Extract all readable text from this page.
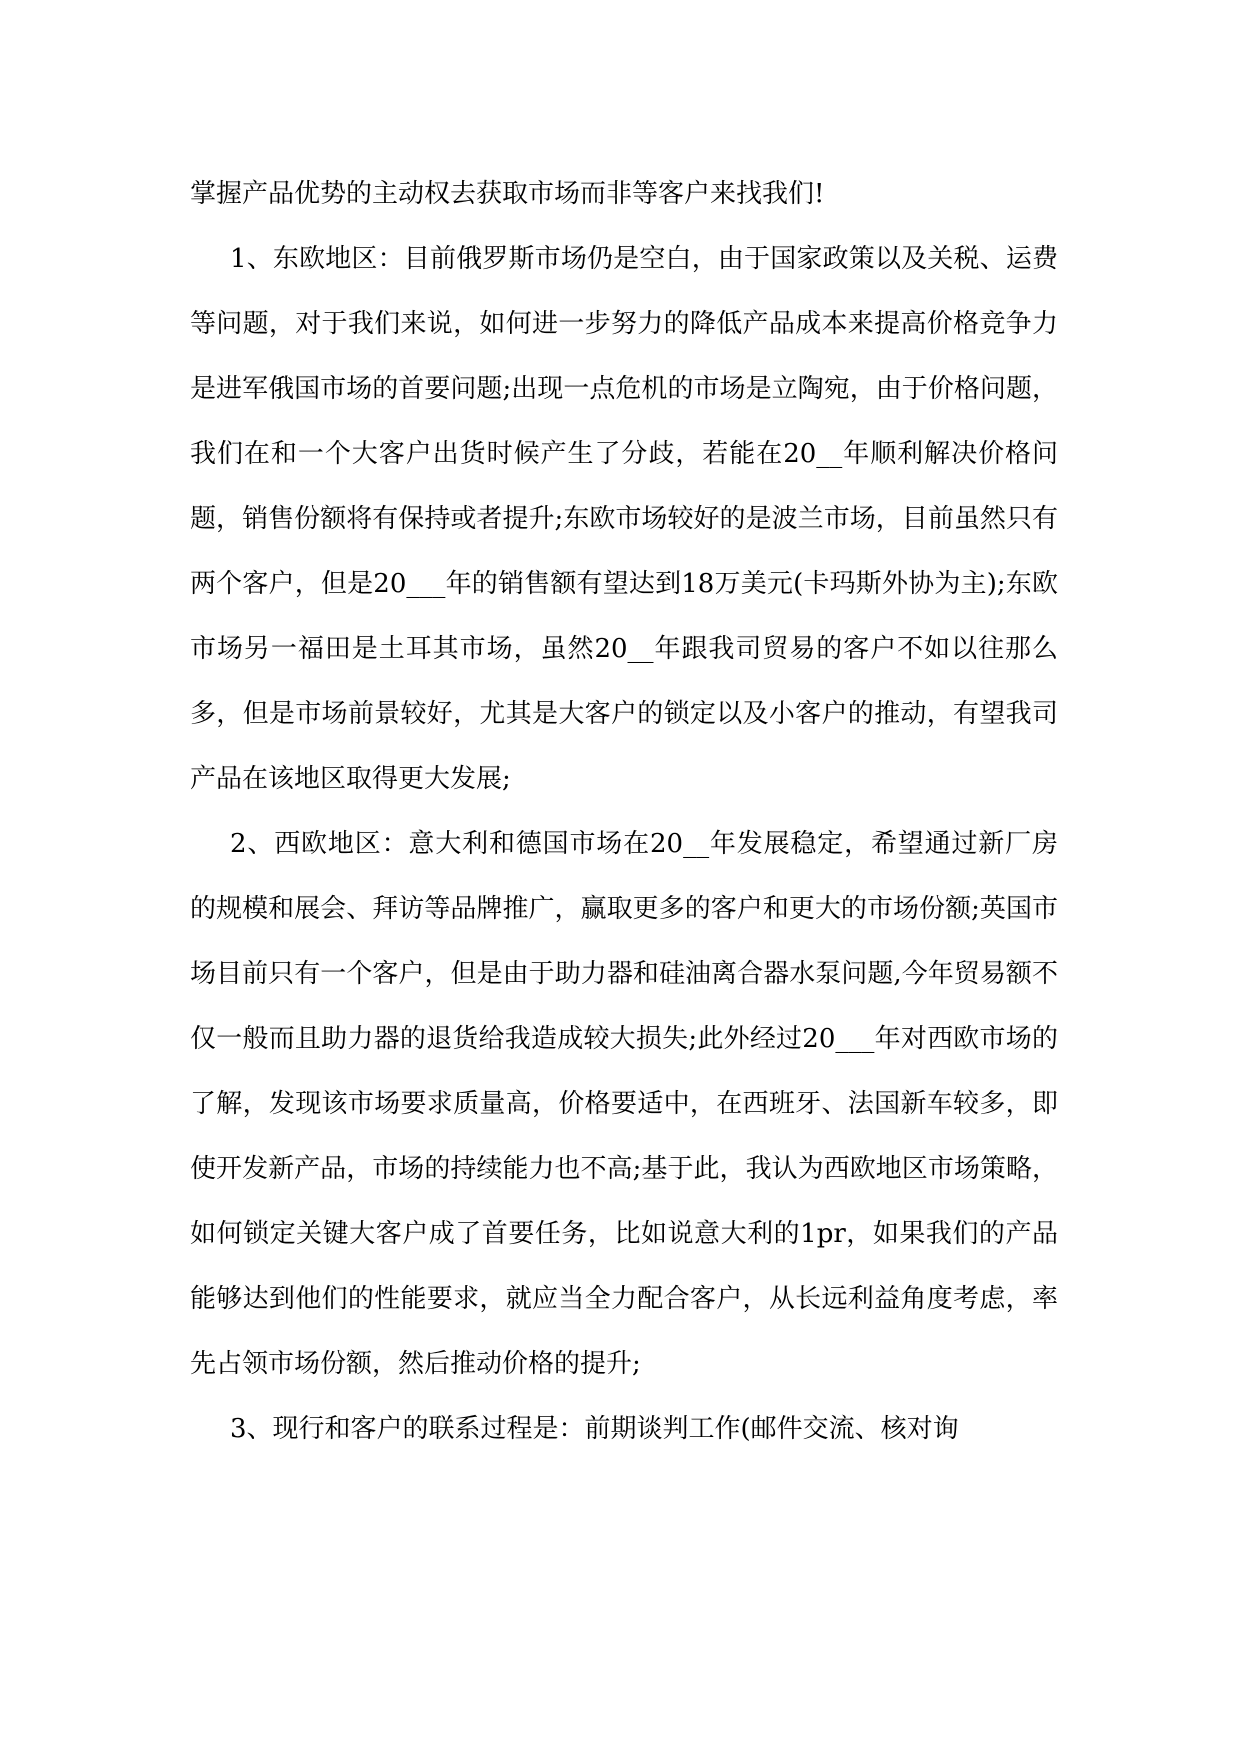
掌握产品优势的主动权去获取市场而非等客户来找我们!

1、东欧地区：目前俄罗斯市场仍是空白，由于国家政策以及关税、运费等问题，对于我们来说，如何进一步努力的降低产品成本来提高价格竞争力是进军俄国市场的首要问题;出现一点危机的市场是立陶宛，由于价格问题，我们在和一个大客户出货时候产生了分歧，若能在20__年顺利解决价格问题，销售份额将有保持或者提升;东欧市场较好的是波兰市场，目前虽然只有两个客户，但是20___年的销售额有望达到18万美元(卡玛斯外协为主);东欧市场另一福田是土耳其市场，虽然20__年跟我司贸易的客户不如以往那么多，但是市场前景较好，尤其是大客户的锁定以及小客户的推动，有望我司产品在该地区取得更大发展;

2、西欧地区：意大利和德国市场在20__年发展稳定，希望通过新厂房的规模和展会、拜访等品牌推广，赢取更多的客户和更大的市场份额;英国市场目前只有一个客户，但是由于助力器和硅油离合器水泵问题,今年贸易额不仅一般而且助力器的退货给我造成较大损失;此外经过20___年对西欧市场的了解，发现该市场要求质量高，价格要适中，在西班牙、法国新车较多，即使开发新产品，市场的持续能力也不高;基于此，我认为西欧地区市场策略，如何锁定关键大客户成了首要任务，比如说意大利的1pr，如果我们的产品能够达到他们的性能要求，就应当全力配合客户，从长远利益角度考虑，率先占领市场份额，然后推动价格的提升;

3、现行和客户的联系过程是：前期谈判工作(邮件交流、核对询
